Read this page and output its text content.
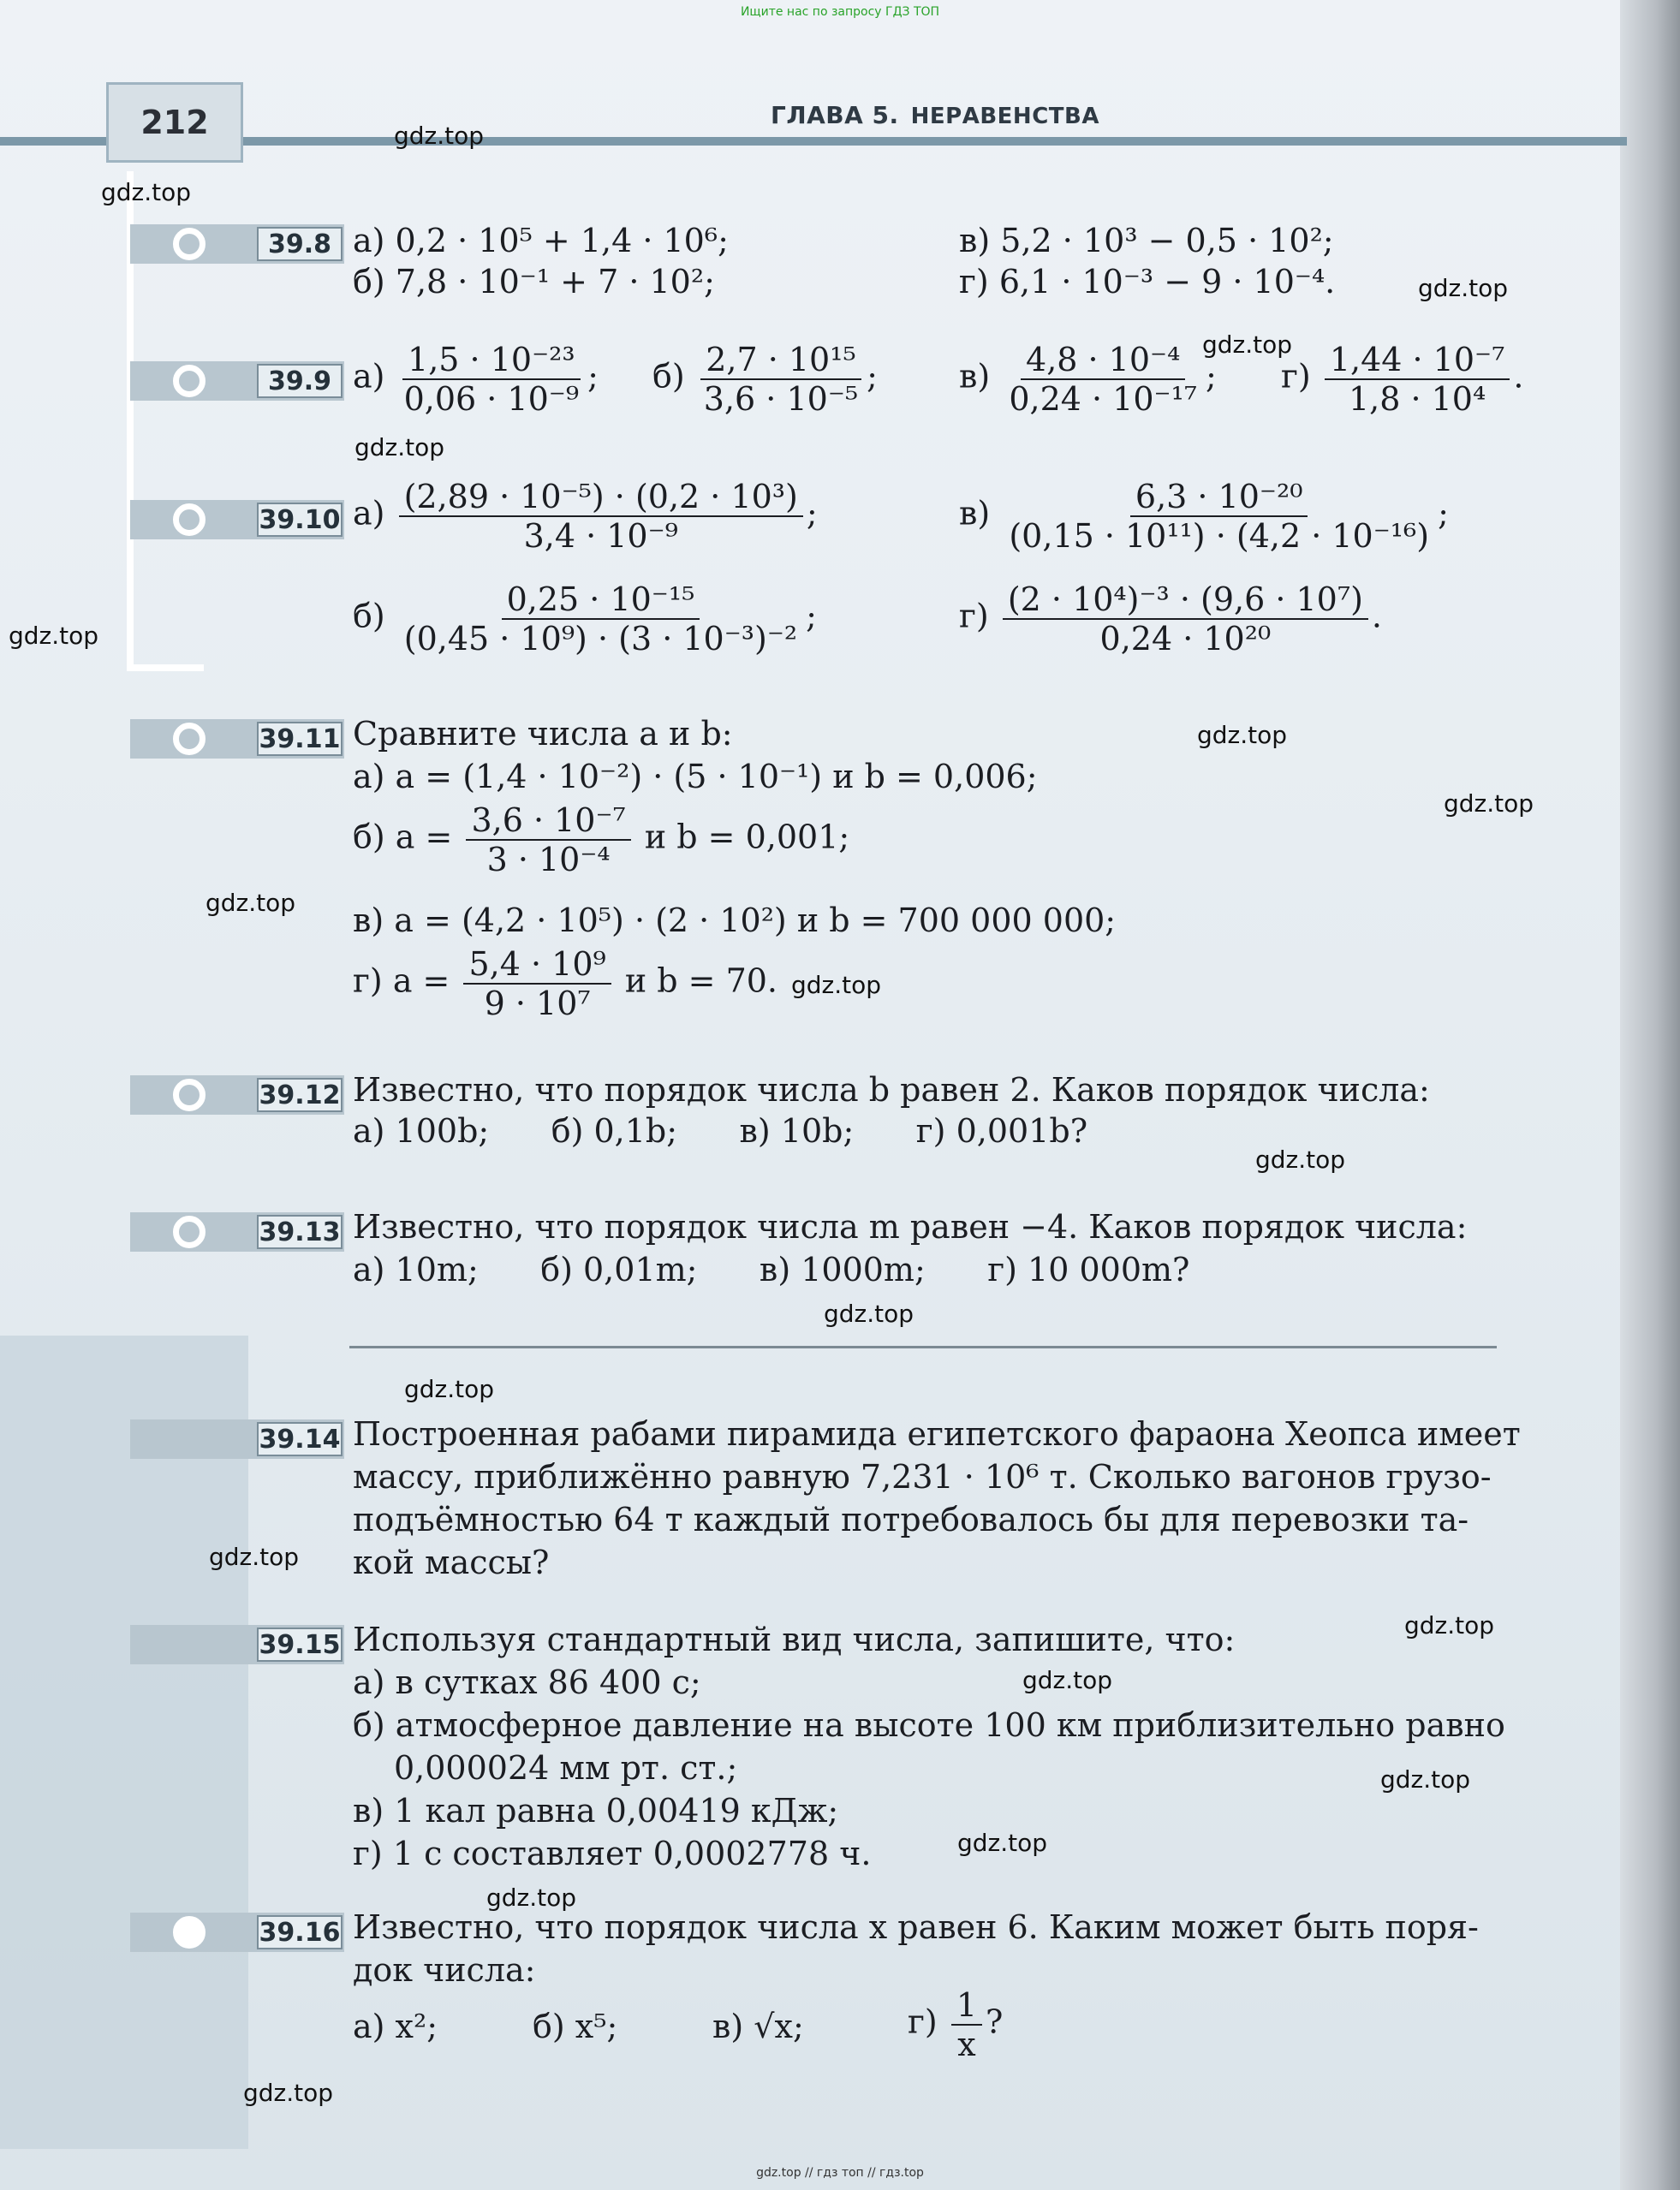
Ищите нас по запросу ГДЗ ТОП
gdz.top // гдз топ // гдз.top
212	ГЛАВА 5. НЕРАВЕНСТВА
gdz.top
gdz.top
gdz.top
gdz.top
gdz.top
gdz.top
gdz.top
gdz.top
gdz.top
gdz.top
gdz.top
gdz.top
gdz.top
gdz.top
gdz.top
gdz.top
gdz.top
gdz.top
gdz.top
gdz.top
39.8 а) 0,2 · 10⁵ + 1,4 · 10⁶;	в) 5,2 · 10³ − 0,5 · 10²;
б) 7,8 · 10⁻¹ + 7 · 10²;	г) 6,1 · 10⁻³ − 9 · 10⁻⁴.
39.9 $а) \frac{\text{1,5 · 10⁻²³}}{\text{0,06 · 10⁻⁹}}$ ; $б) \frac{\text{2,7 · 10¹⁵}}{\text{3,6 · 10⁻⁵}}$ ;	$в) \frac{\text{4,8 · 10⁻⁴}}{\text{0,24 · 10⁻¹⁷}}$ ; $г) \frac{\text{1,44 · 10⁻⁷}}{\text{1,8 · 10⁴}}$ .
39.10 $а) \frac{\text{(2,89 · 10⁻⁵) · (0,2 · 10³)}}{\text{3,4 · 10⁻⁹}}$ ;	$в) \frac{\text{6,3 · 10⁻²⁰}}{\text{(0,15 · 10¹¹) · (4,2 · 10⁻¹⁶)}}$ ;
$б) \frac{\text{0,25 · 10⁻¹⁵}}{\text{(0,45 · 10⁹) · (3 · 10⁻³)⁻²}}$ ;	$г) \frac{\text{(2 · 10⁴)⁻³ · (9,6 · 10⁷)}}{\text{0,24 · 10²⁰}}$ .
39.11 Сравните числа a и b:
а) a = (1,4 · 10⁻²) · (5 · 10⁻¹) и b = 0,006;
б) $a = \frac{\text{3,6 · 10⁻⁷}}{\text{3 · 10⁻⁴}}$ и b = 0,001;
в) a = (4,2 · 10⁵) · (2 · 10²) и b = 700 000 000;
г) $a = \frac{\text{5,4 · 10⁹}}{\text{9 · 10⁷}}$ и b = 70.
39.12 Известно, что порядок числа b равен 2. Каков порядок числа:
а) 100b;      б) 0,1b;      в) 10b;      г) 0,001b?
39.13 Известно, что порядок числа m равен −4. Каков порядок числа:
а) 10m;      б) 0,01m;      в) 1000m;      г) 10 000m?
39.14 Построенная рабами пирамида египетского фараона Хеопса имеет
массу, приближённо равную 7,231 · 10⁶ т. Сколько вагонов грузо-
подъёмностью 64 т каждый потребовалось бы для перевозки та-
кой массы?
39.15 Используя стандартный вид числа, запишите, что:
а) в сутках 86 400 с;
б) атмосферное давление на высоте 100 км приблизительно равно
0,000024 мм рт. ст.;
в) 1 кал равна 0,00419 кДж;
г) 1 с составляет 0,0002778 ч.
39.16 Известно, что порядок числа x равен 6. Каким может быть поря-
док числа:
а) x²;	б) x⁵;	в) √x;	$г) \frac{1}{x}$ ?
